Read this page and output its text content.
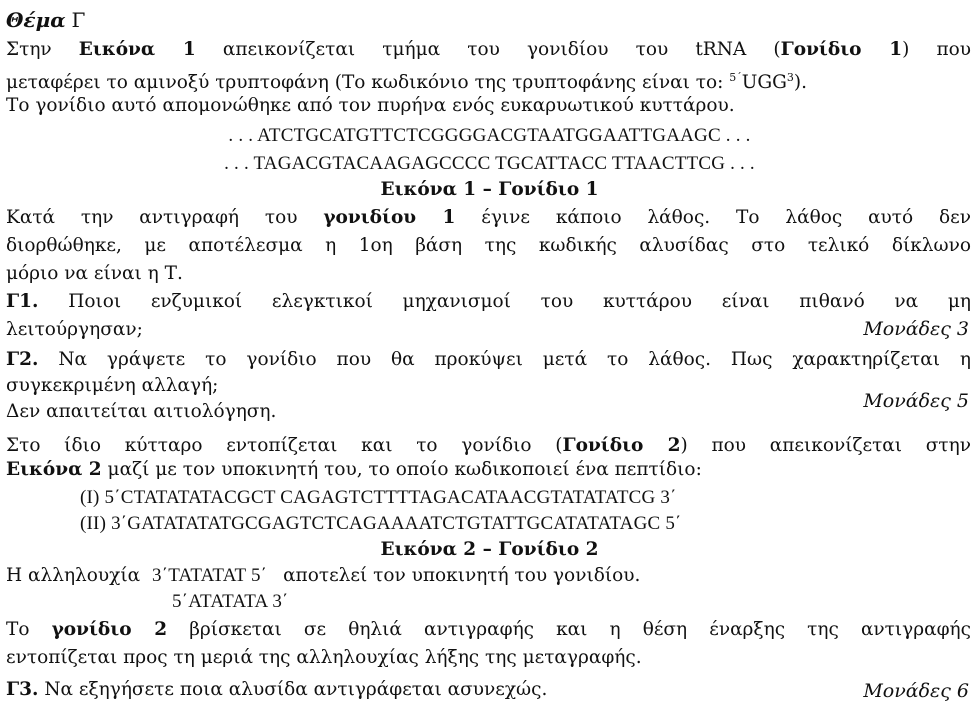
Θέμα Γ
Στην Εικόνα 1 απεικονίζεται τμήμα του γονιδίου του tRNA (Γονίδιο 1) που
μεταφέρει το αμινοξύ τρυπτοφάνη (Το κωδικόνιο της τρυπτοφάνης είναι το: $^{5΄}$UGG$^3$).
Το γονίδιο αυτό απομονώθηκε από τον πυρήνα ενός ευκαρυωτικού κυττάρου.
. . . ATCTGCATGTTCTCGGGGACGTAATGGAATTGAAGC . . .
. . . TAGACGTACAAGAGCCCC TGCATTACC TTAACTTCG . . .
Εικόνα 1 – Γονίδιο 1
Κατά την αντιγραφή του γονιδίου 1 έγινε κάποιο λάθος. Το λάθος αυτό δεν
διορθώθηκε, με αποτέλεσμα η 1oη βάση της κωδικής αλυσίδας στο τελικό δίκλωνο
μόριο να είναι η Τ.
Γ1. Ποιοι ενζυμικοί ελεγκτικοί μηχανισμοί του κυττάρου είναι πιθανό να μη
λειτούργησαν;	Μονάδες 3
Γ2. Να γράψετε το γονίδιο που θα προκύψει μετά το λάθος. Πως χαρακτηρίζεται η
συγκεκριμένη αλλαγή;
Δεν απαιτείται αιτιολόγηση.	Μονάδες 5
Στο ίδιο κύτταρο εντοπίζεται και το γονίδιο (Γονίδιο 2) που απεικονίζεται στην
Εικόνα 2 μαζί με τον υποκινητή του, το οποίο κωδικοποιεί ένα πεπτίδιο:
(I) 5΄CTATATATACGCT CAGAGTCTTTTAGACATAACGTATATATCG 3΄
(II) 3΄GATATATATGCGAGTCTCAGAAAATCTGTATTGCATATATAGC 5΄
Εικόνα 2 – Γονίδιο 2
Η αλληλουχία 3΄TATATAT 5΄ αποτελεί τον υποκινητή του γονιδίου.
5΄ATATATA 3΄
Το γονίδιο 2 βρίσκεται σε θηλιά αντιγραφής και η θέση έναρξης της αντιγραφής
εντοπίζεται προς τη μεριά της αλληλουχίας λήξης της μεταγραφής.
Γ3. Να εξηγήσετε ποια αλυσίδα αντιγράφεται ασυνεχώς.	Μονάδες 6
